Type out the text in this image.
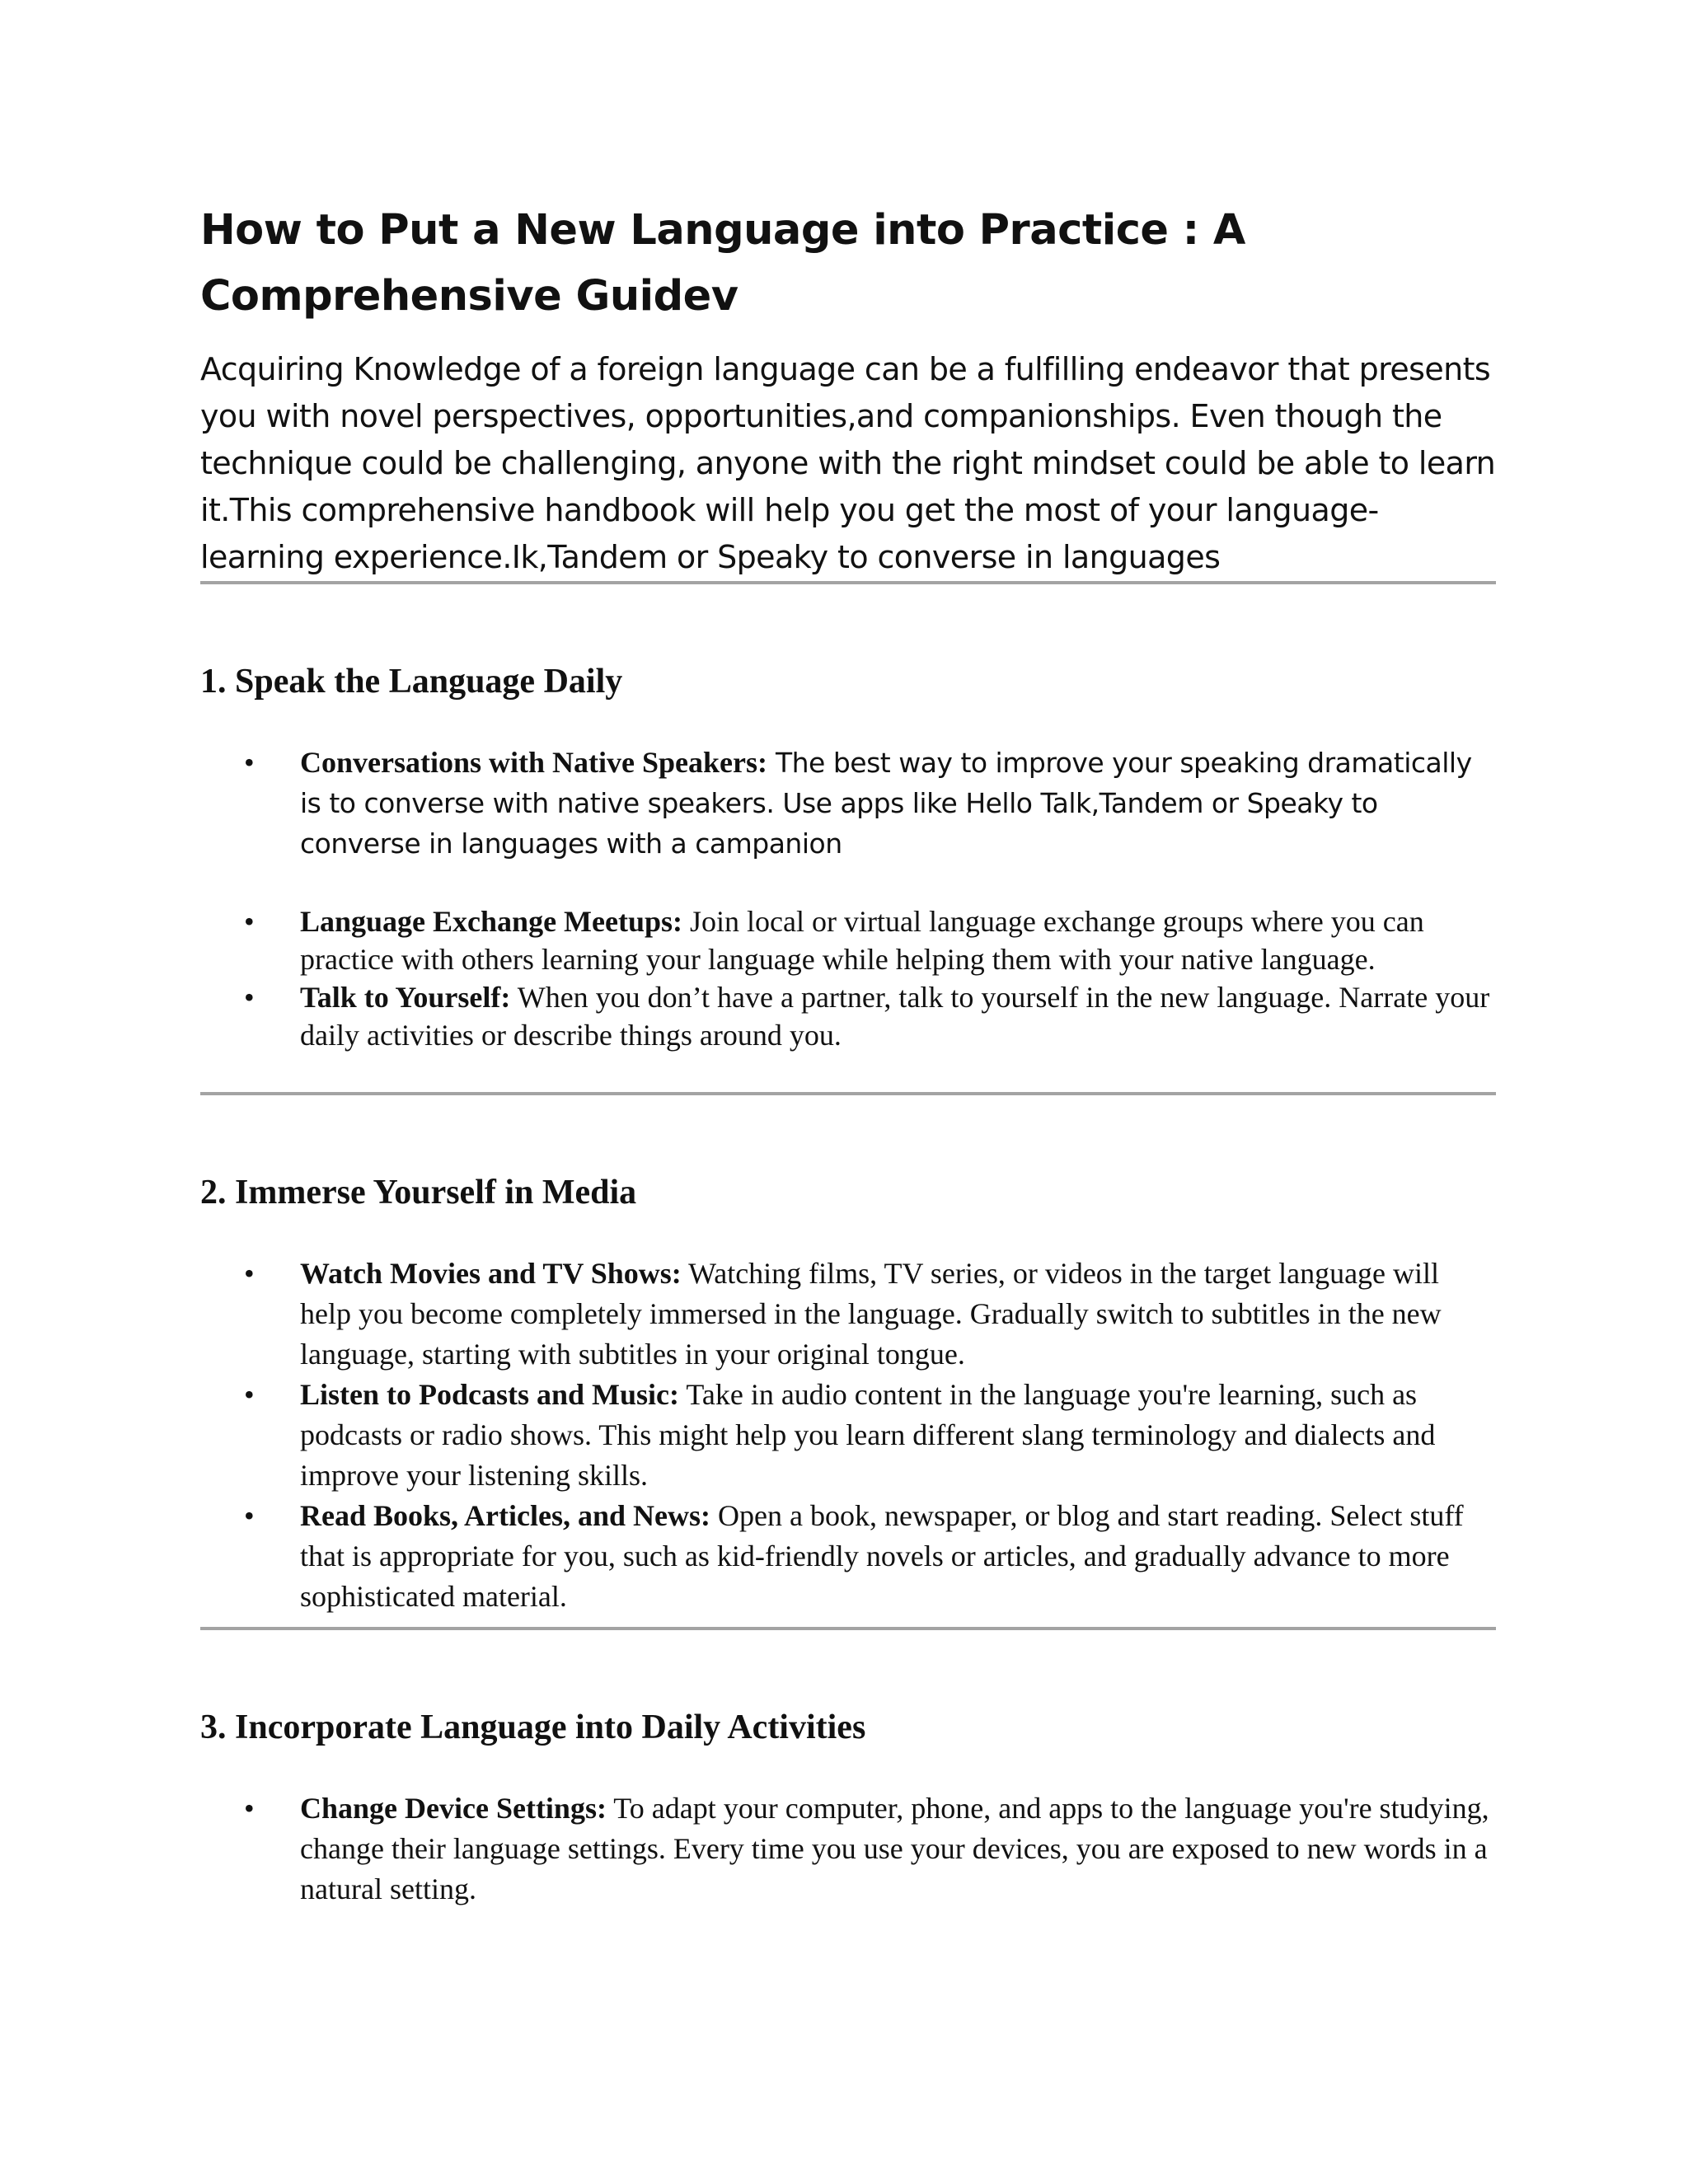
How to Put a New Language into Practice : A Comprehensive Guidev

Acquiring Knowledge of a foreign language can be a fulfilling endeavor that presents you with novel perspectives, opportunities,and companionships. Even though the technique could be challenging, anyone with the right mindset could be able to learn it.This comprehensive handbook will help you get the most of your language-learning experience.Ik,Tandem or Speaky to converse in languages

1. Speak the Language Daily
• Conversations with Native Speakers: The best way to improve your speaking dramatically is to converse with native speakers. Use apps like Hello Talk,Tandem or Speaky to converse in languages with a campanion
• Language Exchange Meetups: Join local or virtual language exchange groups where you can practice with others learning your language while helping them with your native language.
• Talk to Yourself: When you don’t have a partner, talk to yourself in the new language. Narrate your daily activities or describe things around you.
2. Immerse Yourself in Media
• Watch Movies and TV Shows: Watching films, TV series, or videos in the target language will help you become completely immersed in the language. Gradually switch to subtitles in the new language, starting with subtitles in your original tongue.
• Listen to Podcasts and Music: Take in audio content in the language you're learning, such as podcasts or radio shows. This might help you learn different slang terminology and dialects and improve your listening skills.
• Read Books, Articles, and News: Open a book, newspaper, or blog and start reading. Select stuff that is appropriate for you, such as kid-friendly novels or articles, and gradually advance to more sophisticated material.
3. Incorporate Language into Daily Activities
• Change Device Settings: To adapt your computer, phone, and apps to the language you're studying, change their language settings. Every time you use your devices, you are exposed to new words in a natural setting.
